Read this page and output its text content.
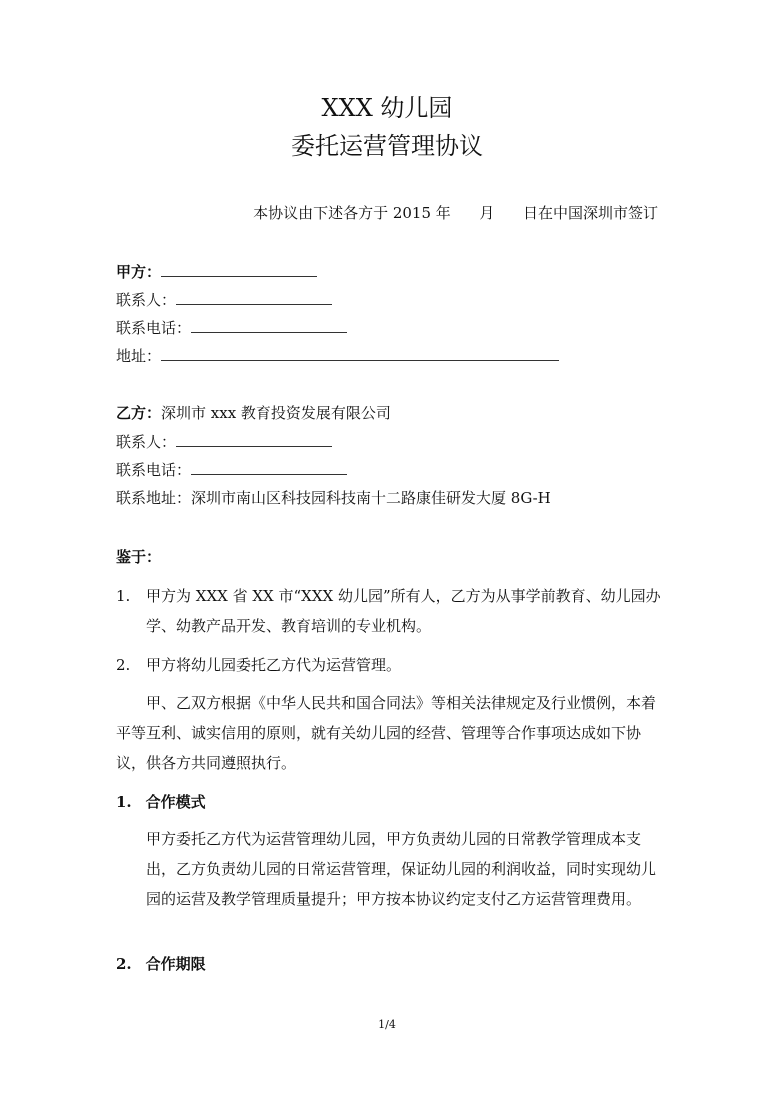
XXX 幼儿园
委托运营管理协议
本协议由下述各方于 2015 年      月      日在中国深圳市签订
甲方：
联系人：
联系电话：
地址：
乙方：深圳市 xxx 教育投资发展有限公司
联系人：
联系电话：
联系地址：深圳市南山区科技园科技南十二路康佳研发大厦 8G-H
鉴于：
1. 甲方为 XXX 省 XX 市“XXX 幼儿园”所有人，乙方为从事学前教育、幼儿园办学、幼教产品开发、教育培训的专业机构。
2. 甲方将幼儿园委托乙方代为运营管理。
甲、乙双方根据《中华人民共和国合同法》等相关法律规定及行业惯例，本着平等互利、诚实信用的原则，就有关幼儿园的经营、管理等合作事项达成如下协议，供各方共同遵照执行。
1. 合作模式
甲方委托乙方代为运营管理幼儿园，甲方负责幼儿园的日常教学管理成本支出，乙方负责幼儿园的日常运营管理，保证幼儿园的利润收益，同时实现幼儿园的运营及教学管理质量提升；甲方按本协议约定支付乙方运营管理费用。
2. 合作期限
1/4
